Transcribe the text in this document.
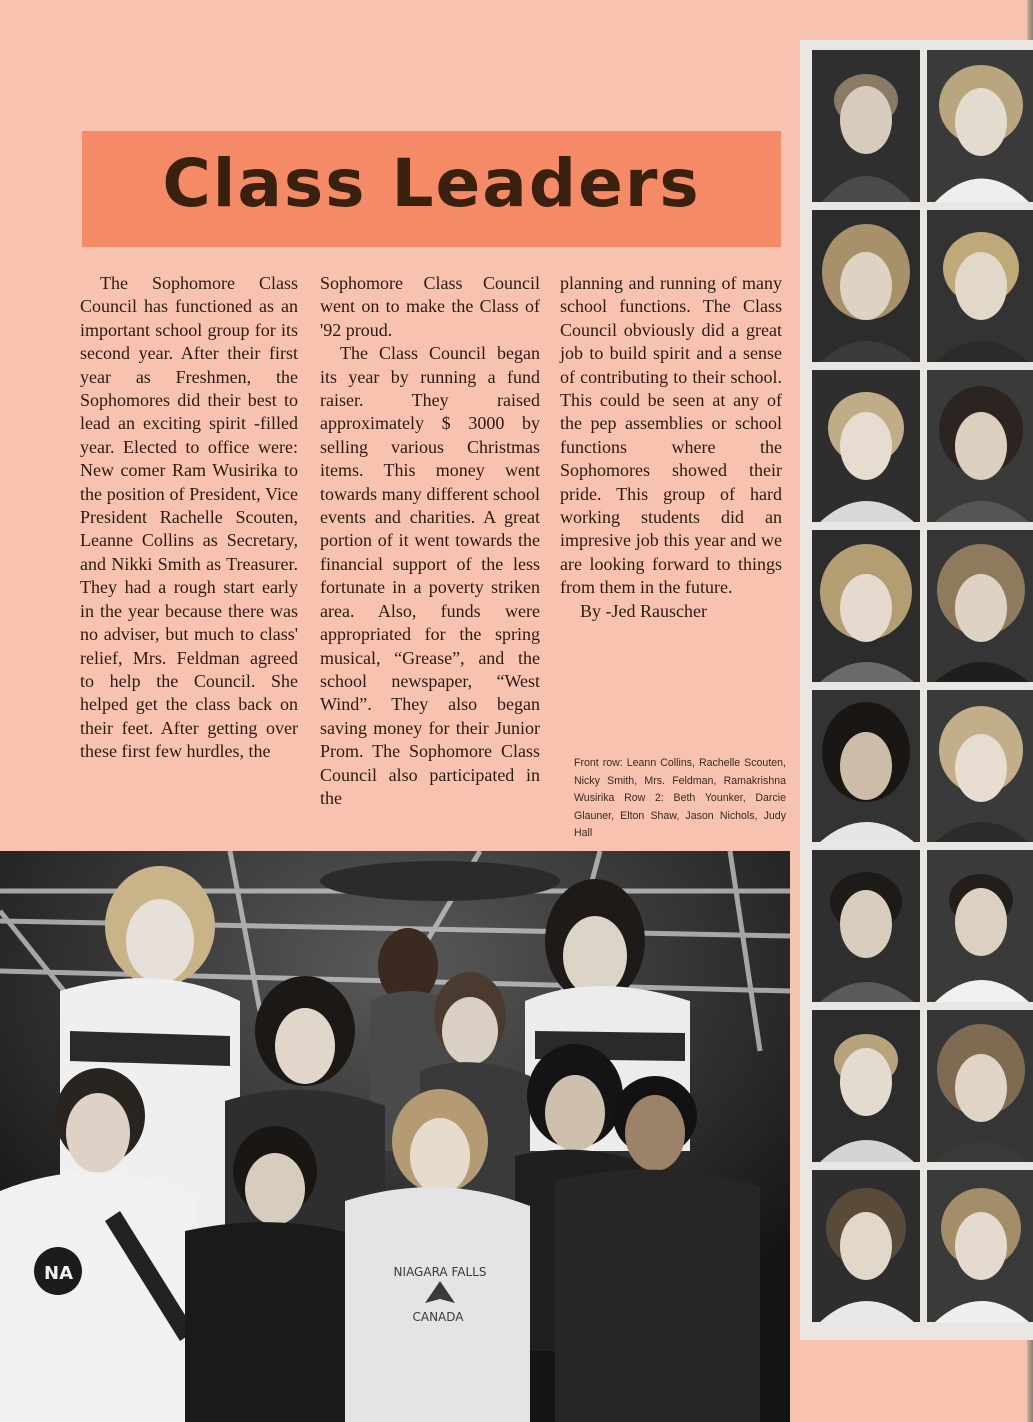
Class Leaders

The Sophomore Class Council has functioned as an important school group for its second year. After their first year as Freshmen, the Sophomores did their best to lead an exciting spirit -filled year. Elected to office were: New comer Ram Wusirika to the position of President, Vice President Rachelle Scouten, Leanne Collins as Secretary, and Nikki Smith as Treasurer. They had a rough start early in the year because there was no adviser, but much to class' relief, Mrs. Feldman agreed to help the Council. She helped get the class back on their feet. After getting over these first few hurdles, the

Sophomore Class Council went on to make the Class of '92 proud.

The Class Council began its year by running a fund raiser. They raised approximately $ 3000 by selling various Christmas items. This money went towards many different school events and charities. A great portion of it went towards the financial support of the less fortunate in a poverty striken area. Also, funds were appropriated for the spring musical, “Grease”, and the school newspaper, “West Wind”. They also began saving money for their Junior Prom. The Sophomore Class Council also participated in the

planning and running of many school functions. The Class Council obviously did a great job to build spirit and a sense of contributing to their school. This could be seen at any of the pep assemblies or school functions where the Sophomores showed their pride. This group of hard working students did an impresive job this year and we are looking forward to things from them in the future.

By -Jed Rauscher
Front row: Leann Collins, Rachelle Scouten, Nicky Smith, Mrs. Feldman, Ramakrishna Wusirika Row 2: Beth Younker, Darcie Glauner, Elton Shaw, Jason Nichols, Judy Hall
NA	NIAGARA FALLS
CANADA
